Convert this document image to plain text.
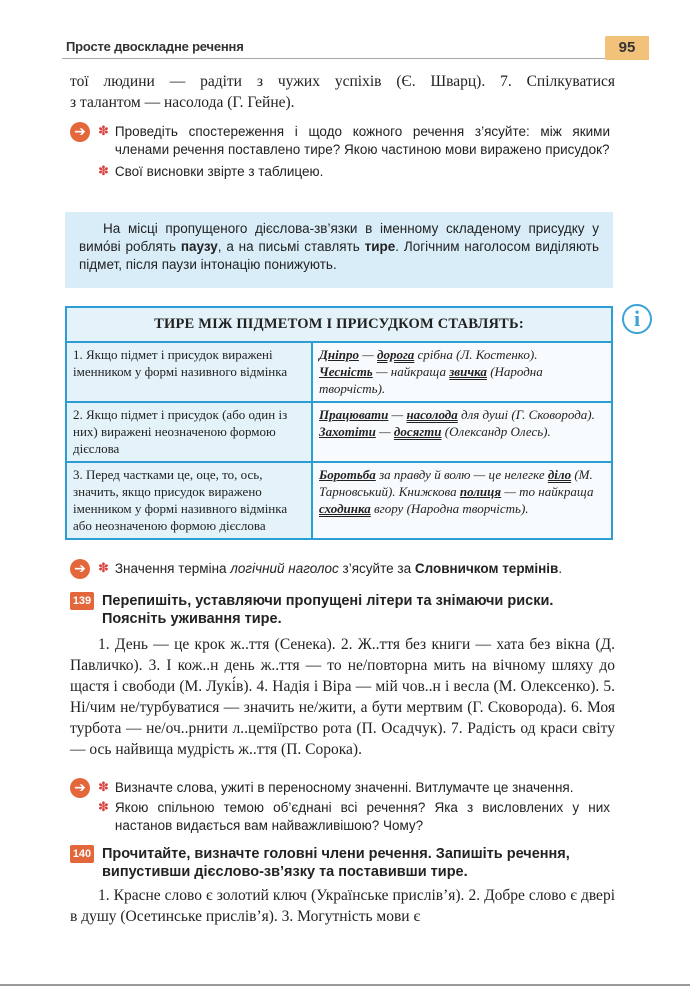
Просте двоскладне речення	95
тої людини — радіти з чужих успіхів (Є. Шварц). 7. Спілкуватися
з талантом — насолода (Г. Гейне).
➔ ✽ Проведіть спостереження і щодо кожного речення з’ясуйте: між якими членами речення поставлено тире? Якою частиною мови виражено присудок?
✽ Свої висновки звірте з таблицею.

На місці пропущеного дієслова-зв’язки в іменному складеному присудку у вимо́ві роблять паузу, а на письмі ставлять тире. Логічним наголосом виділяють підмет, після паузи інтонацію понижують.

i
ТИРЕ МІЖ ПІДМЕТОМ І ПРИСУДКОМ СТАВЛЯТЬ:	
1. Якщо підмет і присудок виражені іменником у формі називного відмінка	Дніпро — дорога срібна (Л. Костенко).
Чесність — найкраща звичка (Народна творчість).
2. Якщо підмет і присудок (або один із них) виражені неозначеною формою дієслова	Працювати — насолода для душі (Г. Сковорода). Захотіти — досягти (Олександр Олесь).
3. Перед частками це, оце, то, ось, значить, якщо присудок виражено іменником у формі називного відмінка або неозначеною формою дієслова	Боротьба за правду й волю — це нелегке діло (М. Тарновський). Книжкова полиця — то найкраща сходинка вгору (Народна творчість).
➔ ✽ Значення терміна логічний наголос з’ясуйте за Словничком термінів.
139 Перепишіть, уставляючи пропущені літери та знімаючи риски.
Поясніть уживання тире.
1. День — це крок ж..ття (Сенека). 2. Ж..ття без книги — хата без вікна (Д. Павличко). 3. І кож..н день ж..ття — то не/повторна мить на вічному шляху до щастя і свободи (М. Лукі́в). 4. Надія і Віра — мій чов..н і весла (М. Олексенко). 5. Ні/чим не/турбуватися — значить не/жити, а бути мертвим (Г. Сковорода). 6. Моя турбота — не/оч..рнити л..цеміїрство рота (П. Осадчук). 7. Радість од краси світу — ось найвища мудрість ж..ття (П. Сорока).
➔ ✽ Визначте слова, ужиті в переносному значенні. Витлумачте це значення.
✽ Якою спільною темою об’єднані всі речення? Яка з висловлених у них настанов видається вам найважливішою? Чому?
140 Прочитайте, визначте головні члени речення. Запишіть речення,
випустивши дієслово-зв’язку та поставивши тире.
1. Красне слово є золотий ключ (Українське прислів’я). 2. Добре слово є двері в душу (Осетинське прислів’я). 3. Могутність мови є
